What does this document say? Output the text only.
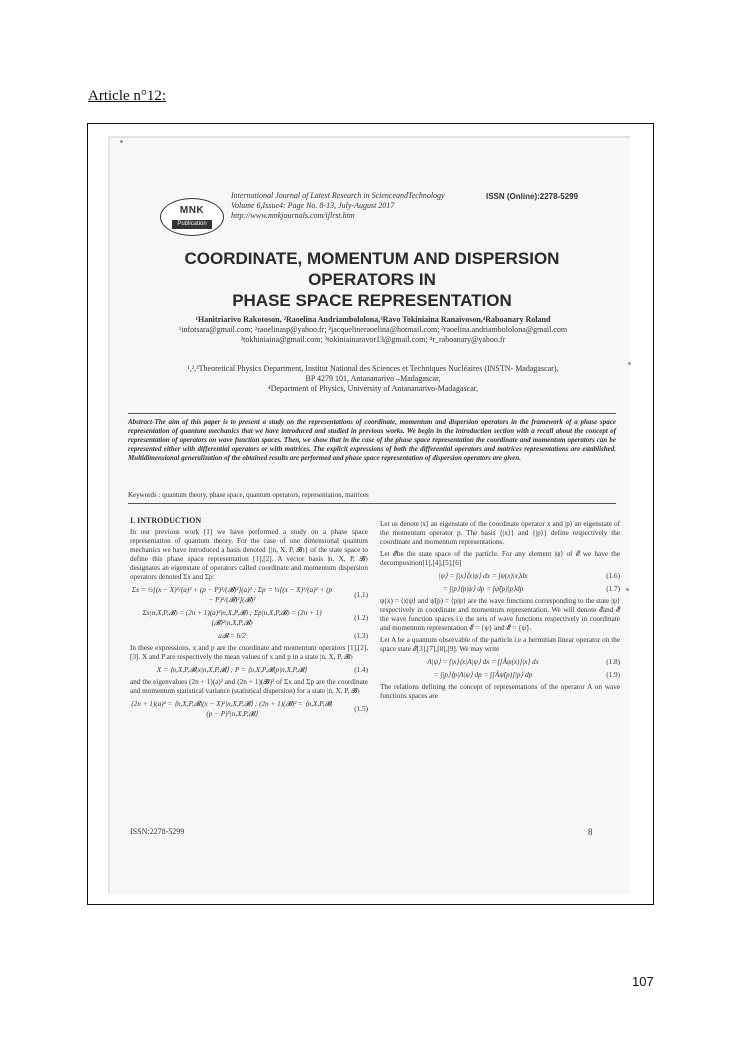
Article n°12:
MNK
Publication
International Journal of Latest Research in ScienceandTechnology
Volume 6,Issue4: Page No. 8-13, July-August 2017
http://www.mnkjournals.com/ijlrst.htm
ISSN (Online):2278-5299
COORDINATE, MOMENTUM AND DISPERSION
OPERATORS IN
PHASE SPACE REPRESENTATION
¹Hanitriarivo Rakotoson, ²Raoelina Andriambololona,³Ravo Tokiniaina Ranaivoson,⁴Raboanary Roland
¹infotsara@gmail.com; ²raoelinasp@yahoo.fr; ²jacquelineraoelina@hotmail.com; ²raoelina.andriambololona@gmail.com
³tokhiniaina@gmail.com; ³tokiniainaravor13@gmail.com; ⁴r_raboanary@yahoo.fr
¹,²,³Theoretical Physics Department, Institut National des Sciences et Techniques Nucléaires (INSTN- Madagascar),
BP 4279 101, Antananarivo –Madagascar,
⁴Department of Physics, University of Antananarivo-Madagascar,
Abstract-The aim of this paper is to present a study on the representations of coordinate, momentum and dispersion operators in the framework of a phase space representation of quantum mechanics that we have introduced and studied in previous works. We begin in the introduction section with a recall about the concept of representation of operators on wave function spaces. Then, we show that in the case of the phase space representation the coordinate and momentum operators can be represented either with differential operators or with matrices. The explicit expressions of both the differential operators and matrices representations are established. Multidimensional generalization of the obtained results are performed and phase space representation of dispersion operators are given.
Keywords : quantum theory, phase space, quantum operators, representation, matrices
I. INTRODUCTION

In our previous work [1] we have performed a study on a phase space representation of quantum theory. For the case of one dimensional quantum mechanics we have introduced a basis denoted {|n, X, P, 𝓑⟩} of the state space to define this phase space representation [1],[2]. A vector basis |n, X, P, 𝓑⟩ designates an eigenstate of operators called coordinate and momentum dispersion operators denoted Σx and Σp:

Σx = ½[(x − X)²/(a)² + (p − P)²/(𝓑)²](a)² ; Σp = ½[(x − X)²/(a)² + (p − P)²/(𝓑)²](𝓑)²
(1.1)
Σx|n,X,P,𝓑⟩ = (2n + 1)(a)²|n,X,P,𝓑⟩ ; Σp|n,X,P,𝓑⟩ = (2n + 1)(𝓑)²|n,X,P,𝓑⟩
(1.2)
a𝓑 = ħ/2	(1.3)

In these expressions, x and p are the coordinate and momentum operators [1],[2],[3]. X and P are respectively the mean values of x and p in a state |n, X, P, 𝓑⟩

X = ⟨n,X,P,𝓑|x|n,X,P,𝓑⟩ ; P = ⟨n,X,P,𝓑|p|n,X,P,𝓑⟩	(1.4)

and the eigenvalues (2n + 1)(a)² and (2n + 1)(𝓑)² of Σx and Σp are the coordinate and momentum statistical variance (statistical dispersion) for a state |n, X, P, 𝓑⟩

(2n + 1)(a)² = ⟨n,X,P,𝓑|(x − X)²|n,X,P,𝓑⟩ ; (2n + 1)(𝓑)² = ⟨n,X,P,𝓑|(p − P)²|n,X,P,𝓑⟩
(1.5)

Let us denote |x⟩ an eigenstate of the coordinate operator x and |p⟩ an eigenstate of the momentum operator p. The basis {|x⟩} and {|p⟩} define respectively the coordinate and momentum representations.

Let 𝓔be the state space of the particle. For any element |ψ⟩ of 𝓔 we have the decomposition[1],[4],[5],[6]

|ψ⟩ = ∫|x⟩⟨x|ψ⟩ dx = ∫ψ(x)|x⟩dx	(1.6)
= ∫|p⟩⟨p|ψ⟩ dp = ∫ψ̃(p)|p⟩dp	(1.7)

ψ(x) = ⟨x|ψ⟩ and ψ̃(p) = ⟨p|ψ⟩ are the wave functions corresponding to the state |ψ⟩ respectively in coordinate and momentum representation. We will denote 𝓔̂and 𝓔̃ the wave function spaces i.e the sets of wave functions respectively in coordinate and momentum representation 𝓔̂ = {ψ} and 𝓔̃ = {ψ̃}.

Let A be a quantum observable of the particle i.e a hermitian linear operator on the space state 𝓔[3],[7],[8],[9]. We may write

A|ψ⟩ = ∫|x⟩⟨x|A|ψ⟩ dx = ∫[Âψ(x)]|x⟩ dx	(1.8)
= ∫|p⟩⟨p|A|ψ⟩ dp = ∫[Ãψ̃(p)]|p⟩ dp	(1.9)

The relations defining the concept of representations of the operator A on wave functions spaces are

ISSN:2278-5299	8
107
